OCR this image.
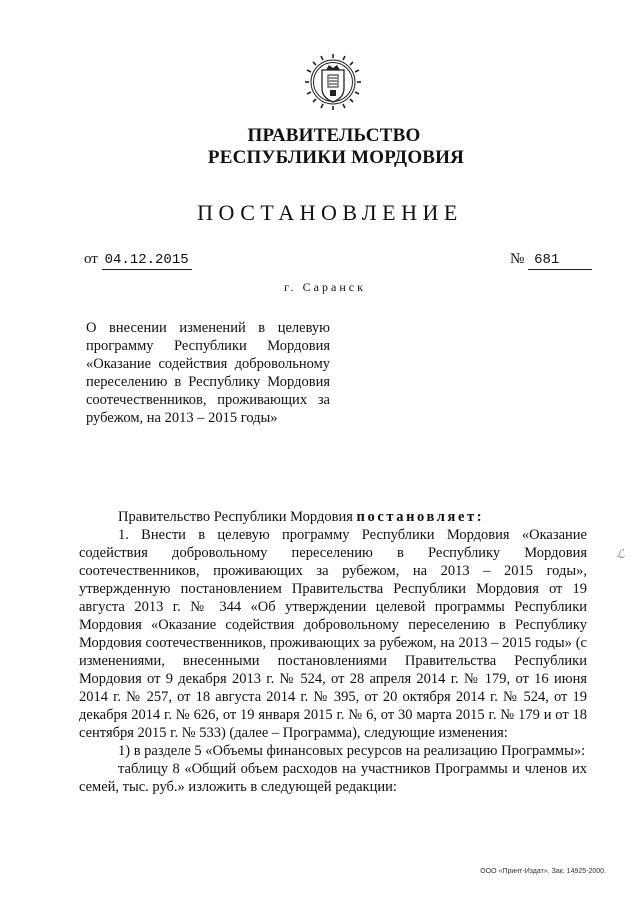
ПРАВИТЕЛЬСТВО
РЕСПУБЛИКИ МОРДОВИЯ
ПОСТАНОВЛЕНИЕ
от 04.12.2015	№ 681
г. Саранск

О внесении изменений в целевую программу Республики Мордовия «Оказание содействия добровольному переселению в Республику Мордовия соотечественников, проживающих за рубежом, на 2013 – 2015 годы»

Правительство Республики Мордовия постановляет:

1. Внести в целевую программу Республики Мордовия «Оказание содействия добровольному переселению в Республику Мордовия соотечественников, проживающих за рубежом, на 2013 – 2015 годы», утвержденную постановлением Правительства Республики Мордовия от 19 августа 2013 г. № 344 «Об утверждении целевой программы Республики Мордовия «Оказание содействия добровольному переселению в Республику Мордовия соотечественников, проживающих за рубежом, на 2013 – 2015 годы» (с изменениями, внесенными постановлениями Правительства Республики Мордовия от 9 декабря 2013 г. № 524, от 28 апреля 2014 г. № 179, от 16 июня 2014 г. № 257, от 18 августа 2014 г. № 395, от 20 октября 2014 г. № 524, от 19 декабря 2014 г. № 626, от 19 января 2015 г. № 6, от 30 марта 2015 г. № 179 и от 18 сентября 2015 г. № 533) (далее – Программа), следующие изменения:

1) в разделе 5 «Объемы финансовых ресурсов на реализацию Программы»:

таблицу 8 «Общий объем расходов на участников Программы и членов их семей, тыс. руб.» изложить в следующей редакции:

ℒ
ООО «Принт-Издат». Зак. 14925-2000.
